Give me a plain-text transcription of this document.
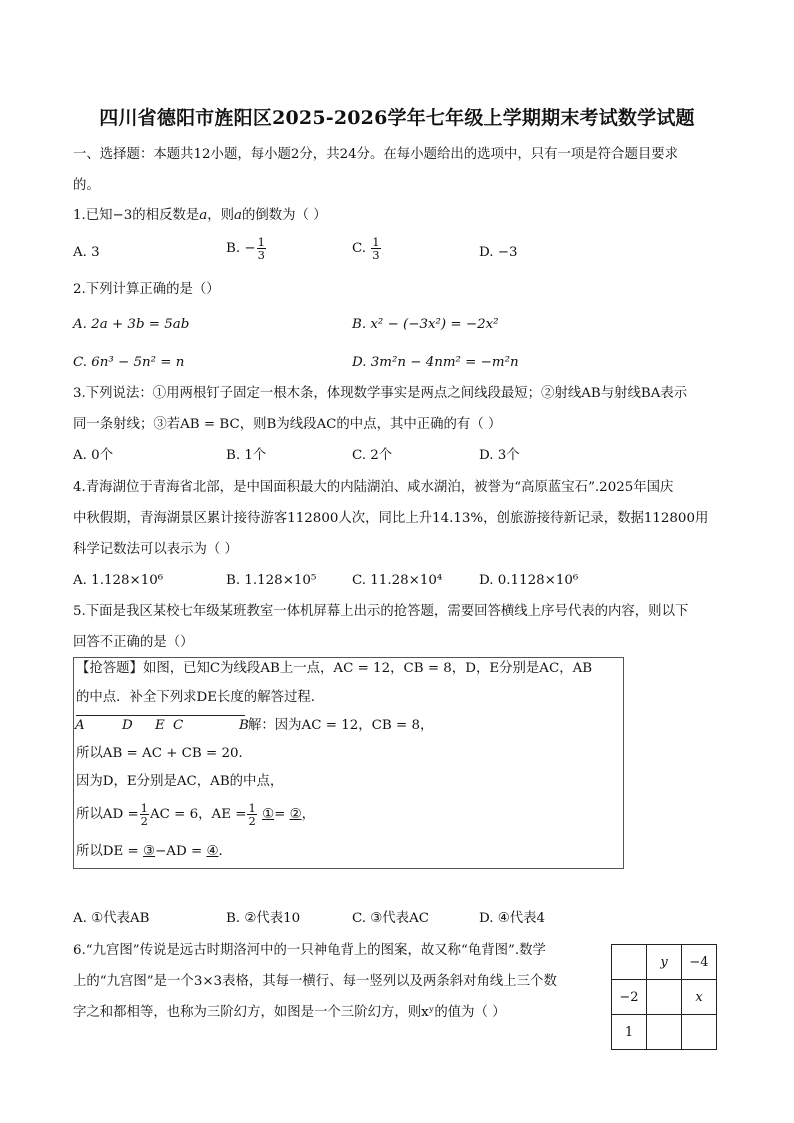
四川省德阳市旌阳区2025-2026学年七年级上学期期末考试数学试题
一、选择题：本题共12小题，每小题2分，共24分。在每小题给出的选项中，只有一项是符合题目要求
的。
1.已知−3的相反数是a，则a的倒数为（ ）
A. 3	B. − $\frac{1}{3}$	C. $\frac{1}{3}$	D. −3
2.下列计算正确的是（）
A. 2a + 3b = 5ab	B. x² − (−3x²) = −2x²
C. 6n³ − 5n² = n	D. 3m²n − 4nm² = −m²n
3.下列说法：①用两根钉子固定一根木条，体现数学事实是两点之间线段最短；②射线AB与射线BA表示
同一条射线；③若AB = BC，则B为线段AC的中点，其中正确的有（ ）
A. 0个	B. 1个	C. 2个	D. 3个
4.青海湖位于青海省北部，是中国面积最大的内陆湖泊、咸水湖泊，被誉为“高原蓝宝石”.2025年国庆
中秋假期，青海湖景区累计接待游客112800人次，同比上升14.13%，创旅游接待新记录，数据112800用
科学记数法可以表示为（ ）
A. 1.128×10⁶	B. 1.128×10⁵	C. 11.28×10⁴	D. 0.1128×10⁶
5.下面是我区某校七年级某班教室一体机屏幕上出示的抢答题，需要回答横线上序号代表的内容，则以下
回答不正确的是（）
【抢答题】如图，已知C为线段AB上一点，AC = 12，CB = 8，D，E分别是AC，AB
的中点．补全下列求DE长度的解答过程．
A	D E C	B 解：因为AC = 12，CB = 8，
所以AB = AC + CB = 20．
因为D，E分别是AC，AB的中点，
所以AD = $\frac{1}{2}$ AC = 6，AE = $\frac{1}{2}$ ①= ②，
所以DE = ③−AD = ④．
A. ①代表AB	B. ②代表10	C. ③代表AC	D. ④代表4
6.“九宫图”传说是远古时期洛河中的一只神龟背上的图案，故又称“龟背图”.数学
上的“九宫图”是一个3×3表格，其每一横行、每一竖列以及两条斜对角线上三个数
字之和都相等，也称为三阶幻方，如图是一个三阶幻方，则xʸ的值为（ ）
	y	−4
−2		x
1		
